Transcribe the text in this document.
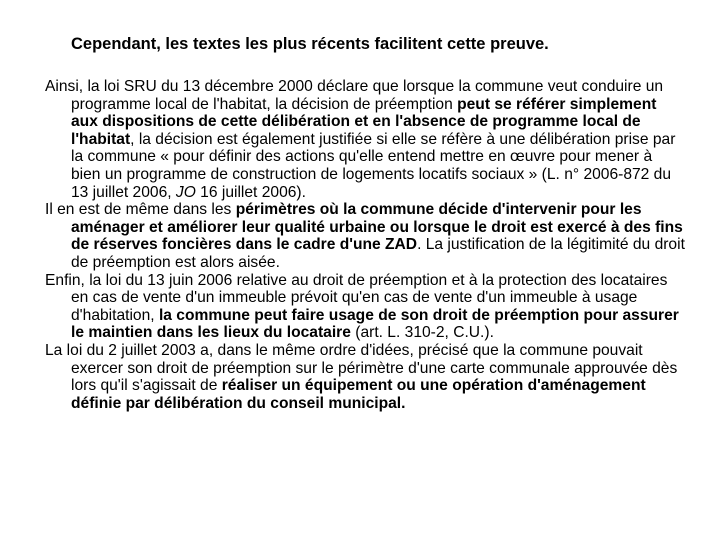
Cependant, les textes les plus récents facilitent cette preuve.

Ainsi, la loi SRU du 13 décembre 2000 déclare que lorsque la commune veut conduire un programme local de l'habitat, la décision de préemption peut se référer simplement aux dispositions de cette délibération et en l'absence de programme local de l'habitat, la décision est également justifiée si elle se réfère à une délibération prise par la commune « pour définir des actions qu'elle entend mettre en œuvre pour mener à bien un programme de construction de logements locatifs sociaux » (L. n° 2006-872 du 13 juillet 2006, JO 16 juillet 2006).

Il en est de même dans les périmètres où la commune décide d'intervenir pour les aménager et améliorer leur qualité urbaine ou lorsque le droit est exercé à des fins de réserves foncières dans le cadre d'une ZAD. La justification de la légitimité du droit de préemption est alors aisée.

Enfin, la loi du 13 juin 2006 relative au droit de préemption et à la protection des locataires en cas de vente d'un immeuble prévoit qu'en cas de vente d'un immeuble à usage d'habitation, la commune peut faire usage de son droit de préemption pour assurer le maintien dans les lieux du locataire (art. L. 310-2, C.U.).

La loi du 2 juillet 2003 a, dans le même ordre d'idées, précisé que la commune pouvait exercer son droit de préemption sur le périmètre d'une carte communale approuvée dès lors qu'il s'agissait de réaliser un équipement ou une opération d'aménagement définie par délibération du conseil municipal.
